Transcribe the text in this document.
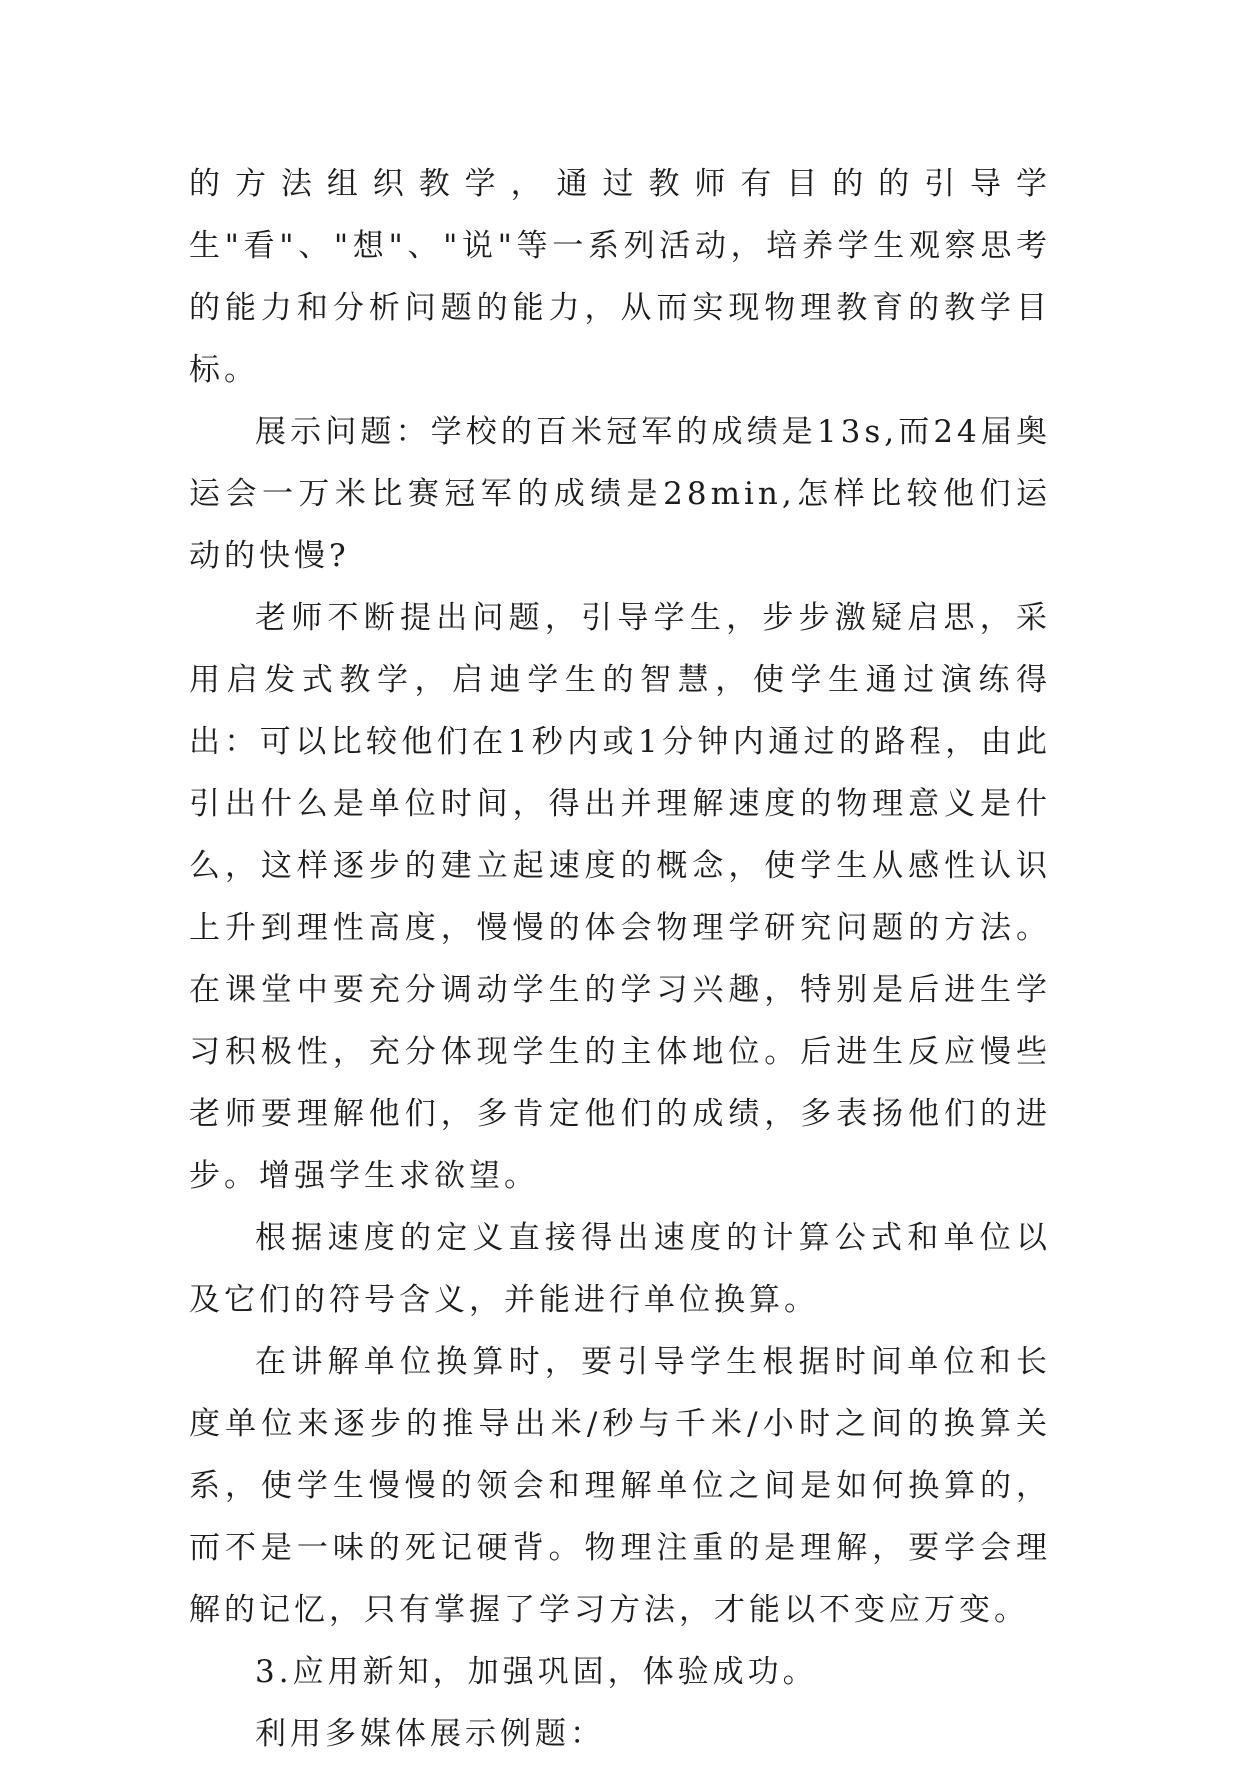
的方法组织教学，通过教师有目的的引导学生"看"、"想"、"说"等一系列活动，培养学生观察思考的能力和分析问题的能力，从而实现物理教育的教学目标。

展示问题：学校的百米冠军的成绩是13s,而24届奥运会一万米比赛冠军的成绩是28min,怎样比较他们运动的快慢?

老师不断提出问题，引导学生，步步激疑启思，采用启发式教学，启迪学生的智慧，使学生通过演练得出：可以比较他们在1秒内或1分钟内通过的路程，由此引出什么是单位时间，得出并理解速度的物理意义是什么，这样逐步的建立起速度的概念，使学生从感性认识上升到理性高度，慢慢的体会物理学研究问题的方法。在课堂中要充分调动学生的学习兴趣，特别是后进生学习积极性，充分体现学生的主体地位。后进生反应慢些老师要理解他们，多肯定他们的成绩，多表扬他们的进步。增强学生求欲望。

根据速度的定义直接得出速度的计算公式和单位以及它们的符号含义，并能进行单位换算。

在讲解单位换算时，要引导学生根据时间单位和长度单位来逐步的推导出米/秒与千米/小时之间的换算关系，使学生慢慢的领会和理解单位之间是如何换算的，而不是一味的死记硬背。物理注重的是理解，要学会理解的记忆，只有掌握了学习方法，才能以不变应万变。

3.应用新知，加强巩固，体验成功。

利用多媒体展示例题：
